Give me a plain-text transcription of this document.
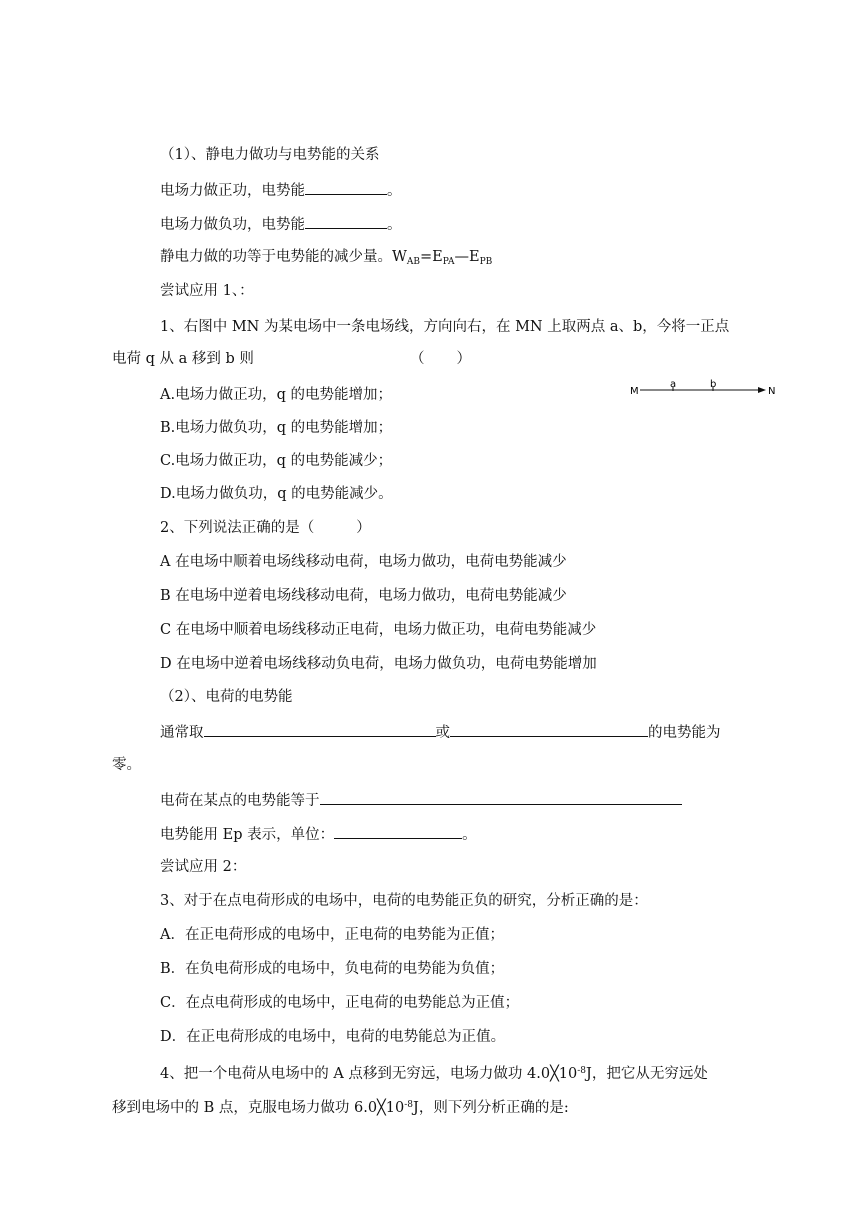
（1）、静电力做功与电势能的关系
电场力做正功，电势能	。
电场力做负功，电势能	。
静电力做的功等于电势能的减少量。$W_{AB}=E_{PA}—E_{PB}$
尝试应用 1、：
1、右图中 MN 为某电场中一条电场线，方向向右，在 MN 上取两点 a、b，今将一正点
电荷 q 从 a 移到 b 则	（ ）
A.电场力做正功，q 的电势能增加；
B.电场力做负功，q 的电势能增加；
C.电场力做正功，q 的电势能减少；
D.电场力做负功，q 的电势能减少。
M	N
a	b
2、下列说法正确的是（	）
A 在电场中顺着电场线移动电荷，电场力做功，电荷电势能减少
B 在电场中逆着电场线移动电荷，电场力做功，电荷电势能减少
C 在电场中顺着电场线移动正电荷，电场力做正功，电荷电势能减少
D 在电场中逆着电场线移动负电荷，电场力做负功，电荷电势能增加
（2）、电荷的电势能
通常取	或	的电势能为
零。
电荷在某点的电势能等于
电势能用 Ep 表示，单位：	。
尝试应用 2：
3、对于在点电荷形成的电场中，电荷的电势能正负的研究，分析正确的是：
A．在正电荷形成的电场中，正电荷的电势能为正值；
B．在负电荷形成的电场中，负电荷的电势能为负值；
C．在点电荷形成的电场中，正电荷的电势能总为正值；
D．在正电荷形成的电场中，电荷的电势能总为正值。
4、把一个电荷从电场中的 A 点移到无穷远，电场力做功 $4.0╳10^{-8}J$，把它从无穷远处
移到电场中的 B 点，克服电场力做功 $6.0╳10^{-8}J$，则下列分析正确的是:
